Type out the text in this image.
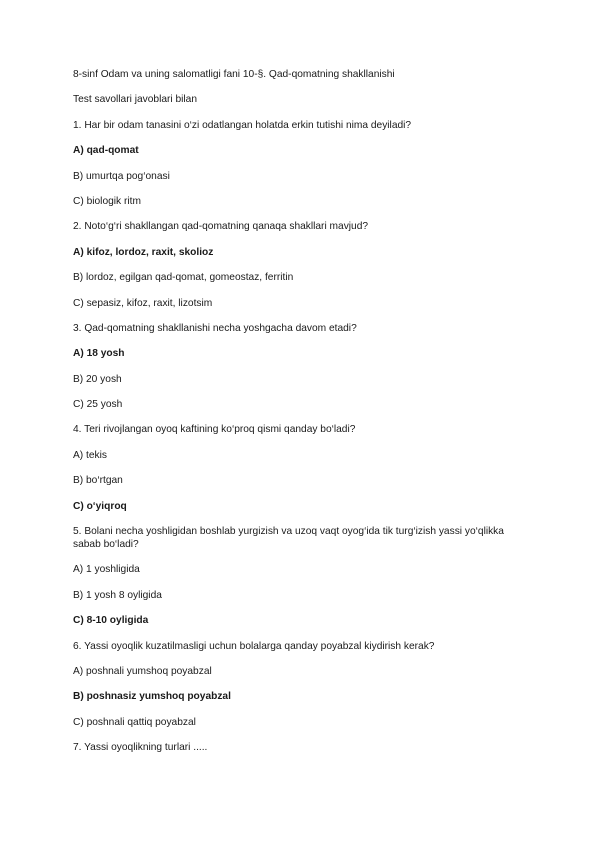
8-sinf Odam va uning salomatligi fani 10-§. Qad-qomatning shakllanishi
Test savollari javoblari bilan
1. Har bir odam tanasini o‘zi odatlangan holatda erkin tutishi nima deyiladi?
A) qad-qomat
B) umurtqa pog‘onasi
C) biologik ritm
2. Noto‘g‘ri shakllangan qad-qomatning qanaqa shakllari mavjud?
A) kifoz, lordoz, raxit, skolioz
B) lordoz, egilgan qad-qomat, gomeostaz, ferritin
C) sepasiz, kifoz, raxit, lizotsim
3. Qad-qomatning shakllanishi necha yoshgacha davom etadi?
A) 18 yosh
B) 20 yosh
C) 25 yosh
4. Teri rivojlangan oyoq kaftining ko‘proq qismi qanday bo‘ladi?
A) tekis
B) bo‘rtgan
C) o‘yiqroq
5. Bolani necha yoshligidan boshlab yurgizish va uzoq vaqt oyog‘ida tik turg‘izish yassi yo‘qlikka sabab bo‘ladi?
A) 1 yoshligida
B) 1 yosh 8 oyligida
C) 8-10 oyligida
6. Yassi oyoqlik kuzatilmasligi uchun bolalarga qanday poyabzal kiydirish kerak?
A) poshnali yumshoq poyabzal
B) poshnasiz yumshoq poyabzal
C) poshnali qattiq poyabzal
7. Yassi oyoqlikning turlari .....
